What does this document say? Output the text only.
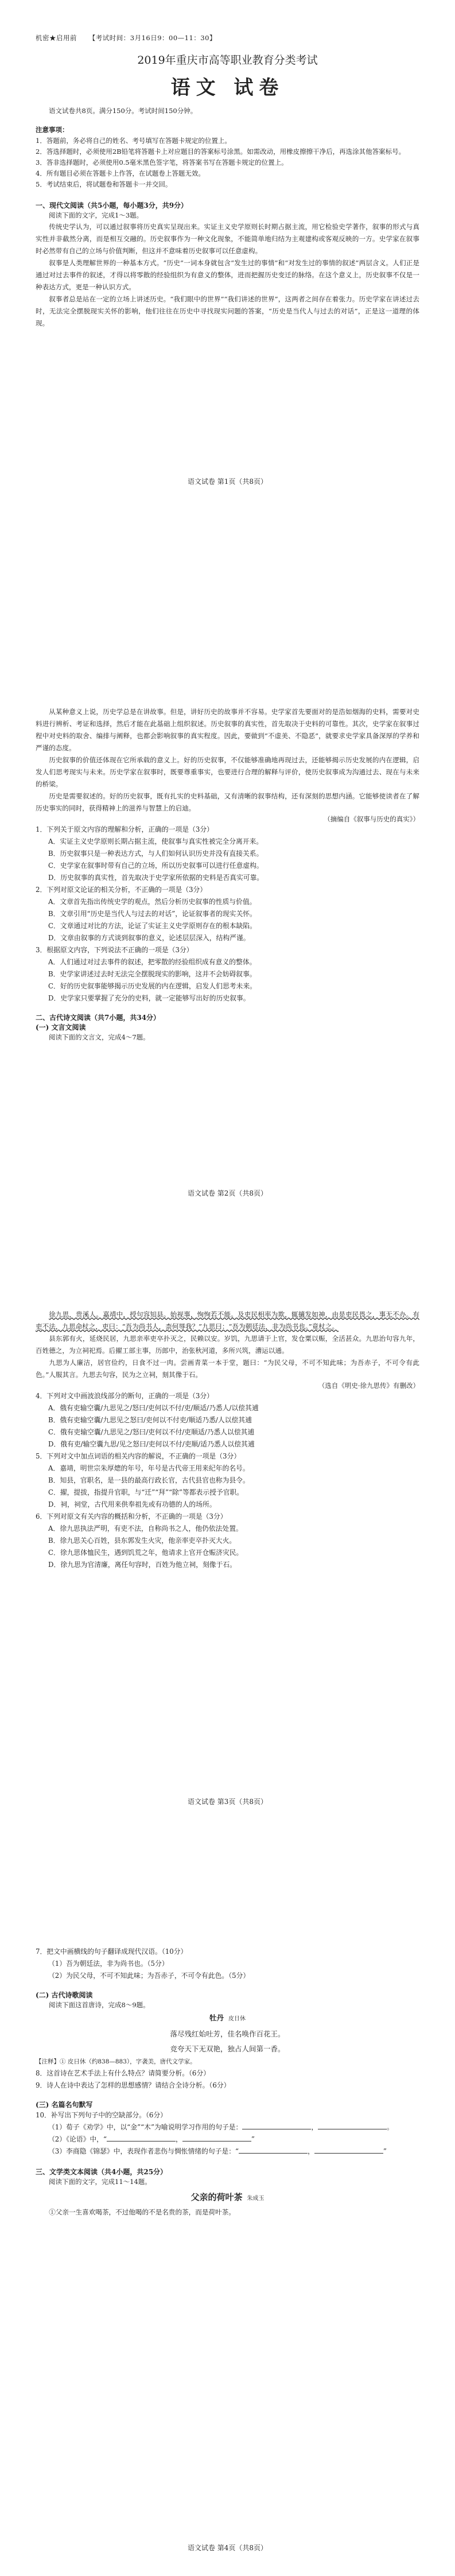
机密★启用前 【考试时间：3月16日9：00—11：30】
2019年重庆市高等职业教育分类考试
语文 试卷
语文试卷共8页。满分150分。考试时间150分钟。
注意事项：
1．答题前，务必将自己的姓名、考号填写在答题卡规定的位置上。
2．答选择题时，必须使用2B铅笔将答题卡上对应题目的答案标号涂黑。如需改动，用橡皮擦擦干净后，再选涂其他答案标号。
3．答非选择题时，必须使用0.5毫米黑色签字笔，将答案书写在答题卡规定的位置上。
4．所有题目必须在答题卡上作答，在试题卷上答题无效。
5．考试结束后，将试题卷和答题卡一并交回。
一、现代文阅读（共5小题，每小题3分，共9分）
阅读下面的文字，完成1～3题。

传统史学认为，可以通过叙事将历史真实呈现出来。实证主义史学原则长时期占据主流，用它检验史学著作，叙事的形式与真实性并非截然分离，而是相互交融的。历史叙事作为一种文化现象，不能简单地归结为主观建构或客观反映的一方。史学家在叙事时必然带有自己的立场与价值判断，但这并不意味着历史叙事可以任意虚构。

叙事是人类理解世界的一种基本方式。“历史”一词本身就包含“发生过的事情”和“对发生过的事情的叙述”两层含义。人们正是通过对过去事件的叙述，才得以将零散的经验组织为有意义的整体，进而把握历史变迁的脉络。在这个意义上，历史叙事不仅是一种表达方式，更是一种认识方式。

叙事者总是站在一定的立场上讲述历史。“我们眼中的世界”“我们讲述的世界”，这两者之间存在着张力。历史学家在讲述过去时，无法完全摆脱现实关怀的影响，他们往往在历史中寻找现实问题的答案，“历史是当代人与过去的对话”，正是这一道理的体现。

语文试卷 第1页（共8页）

从某种意义上说，历史学总是在讲故事。但是，讲好历史的故事并不容易。史学家首先要面对的是浩如烟海的史料，需要对史料进行辨析、考证和选择，然后才能在此基础上组织叙述。历史叙事的真实性，首先取决于史料的可靠性。其次，史学家在叙事过程中对史料的取舍、编排与阐释，也都会影响叙事的真实程度。因此，要做到“不虚美、不隐恶”，就要求史学家具备深厚的学养和严谨的态度。

历史叙事的价值还体现在它所承载的意义上。好的历史叙事，不仅能够准确地再现过去，还能够揭示历史发展的内在逻辑，启发人们思考现实与未来。历史学家在叙事时，既要尊重事实，也要进行合理的解释与评价，使历史叙事成为沟通过去、现在与未来的桥梁。

历史是需要叙述的。好的历史叙事，既有扎实的史料基础，又有清晰的叙事结构，还有深刻的思想内涵。它能够使读者在了解历史事实的同时，获得精神上的滋养与智慧上的启迪。

（摘编自《叙事与历史的真实》）

1．下列关于原文内容的理解和分析，正确的一项是（3分）

A．实证主义史学原则长期占据主流，使叙事与真实性被完全分离开来。

B．历史叙事只是一种表达方式，与人们如何认识历史并没有直接关系。

C．史学家在叙事时带有自己的立场，所以历史叙事可以进行任意虚构。

D．历史叙事的真实性，首先取决于史学家所依据的史料是否真实可靠。

2．下列对原文论证的相关分析，不正确的一项是（3分）

A．文章首先指出传统史学的观点，然后分析历史叙事的性质与价值。

B．文章引用“历史是当代人与过去的对话”，论证叙事者的现实关怀。

C．文章通过对比的方法，论证了实证主义史学原则存在的根本缺陷。

D．文章由叙事的方式谈到叙事的意义，论述层层深入，结构严谨。

3．根据原文内容，下列说法不正确的一项是（3分）

A．人们通过对过去事件的叙述，把零散的经验组织成有意义的整体。

B．史学家讲述过去时无法完全摆脱现实的影响，这并不会妨碍叙事。

C．好的历史叙事能够揭示历史发展的内在逻辑，启发人们思考未来。

D．史学家只要掌握了充分的史料，就一定能够写出好的历史叙事。

二、古代诗文阅读（共7小题，共34分）
(一) 文言文阅读
阅读下面的文言文，完成4～7题。
语文试卷 第2页（共8页）

徐九思，贵溪人。嘉靖中，授句容知县。始视事，恂恂若不能。及吏民相率为欺，辄擿发如神，由是吏民畏之，事无不办。有吏不法，九思命杖之，吏曰：“吾为尚书人，柰何辱我？”九思曰：“吾为朝廷法，非为尚书也。”竟杖之。

县东郭有火，延烧民居，九思亲率吏卒扑灭之，民赖以安。岁饥，九思请于上官，发仓粟以赈，全活甚众。九思治句容九年，百姓德之，为立祠祀焉。后擢工部主事，历郎中，治张秋河道，多所兴筑，漕运以通。

九思为人廉洁，居官俭约，日食不过一肉。尝画青菜一本于堂，题曰：“为民父母，不可不知此味；为吾赤子，不可令有此色。”人服其言。九思去句容，民为之立祠，刻其像于石。

（选自《明史·徐九思传》有删改）

4．下列对文中画波浪线部分的断句，正确的一项是（3分）

A．俄有吏输空囊/九思见之/怒曰/吏何以不付/吏/顺适/乃悉人/以偿其逋

B．俄有吏输空囊/九思见之怒曰/吏何以不付吏/顺适乃悉/人以偿其逋

C．俄有吏输空囊/九思见之/怒曰/吏何以不付/吏顺适/乃悉人以偿其逋

D．俄有吏/输空囊九思/见之怒曰/吏何以不付/吏顺/适乃悉人以偿其逋

5．下列对文中加点词语的相关内容的解说，不正确的一项是（3分）

A．嘉靖，明世宗朱厚熜的年号，年号是古代帝王用来纪年的名号。

B．知县，官职名，是一县的最高行政长官，古代县官也称为县令。

C．擢，提拔，指提升官职，与“迁”“拜”“除”等都表示授予官职。

D．祠，祠堂，古代用来供奉祖先或有功德的人的场所。

6．下列对原文有关内容的概括和分析，不正确的一项是（3分）

A．徐九思执法严明，有吏不法，自称尚书之人，他仍依法处置。

B．徐九思关心百姓，县东郭发生火灾，他亲率吏卒扑灭大火。

C．徐九思体恤民生，遇到饥荒之年，他请求上官开仓赈济灾民。

D．徐九思为官清廉，离任句容时，百姓为他立祠，刻像于石。

语文试卷 第3页（共8页）

7．把文中画横线的句子翻译成现代汉语。（10分）

（1）吾为朝廷法，非为尚书也。（5分）

（2）为民父母，不可不知此味；为吾赤子，不可令有此色。（5分）

(二) 古代诗歌阅读
阅读下面这首唐诗，完成8～9题。
牡丹 皮日休
落尽残红始吐芳，佳名唤作百花王。
竞夸天下无双艳，独占人间第一香。
【注释】① 皮日休（约838—883），字袭美，唐代文学家。

8．这首诗在艺术手法上有什么特点？请简要分析。（6分）

9．诗人在诗中表达了怎样的思想感情？请结合全诗分析。（6分）

(三) 名篇名句默写

10．补写出下列句子中的空缺部分。（6分）

（1）荀子《劝学》中，以“金”“木”为喻说明学习作用的句子是：	，	。

（2）《论语》中，“	，	”

（3）李商隐《锦瑟》中，表现作者悲伤与惆怅情绪的句子是：“	，	”

三、文学类文本阅读（共4小题，共25分）
阅读下面的文字，完成11～14题。
父亲的荷叶茶 朱成玉

①父亲一生喜欢喝茶，不过他喝的不是名贵的茶，而是荷叶茶。

语文试卷 第4页（共8页）
